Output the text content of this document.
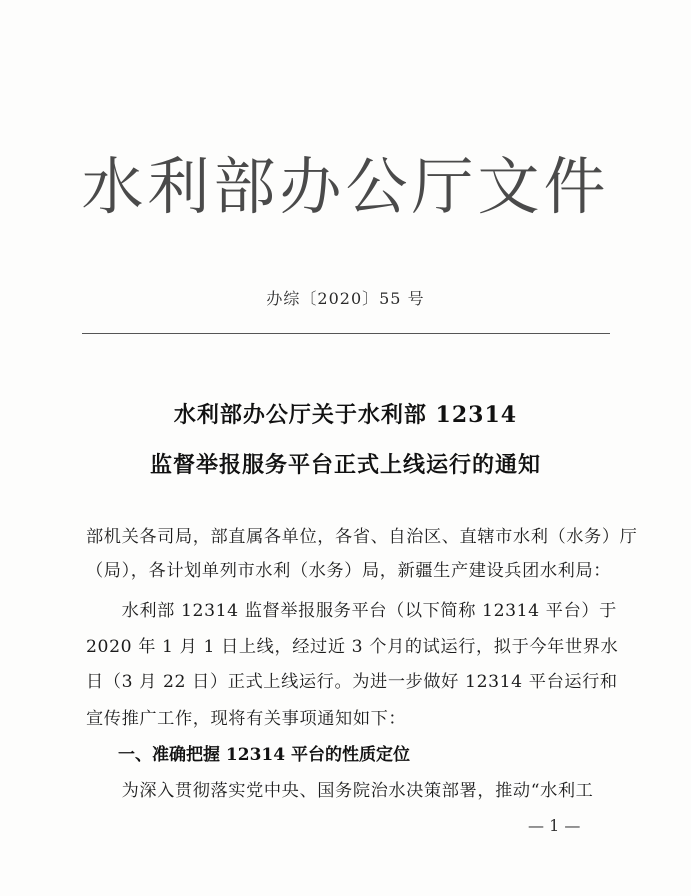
水利部办公厅文件
办综〔2020〕55 号
水利部办公厅关于水利部 12314
监督举报服务平台正式上线运行的通知
部机关各司局，部直属各单位，各省、自治区、直辖市水利（水务）厅
（局），各计划单列市水利（水务）局，新疆生产建设兵团水利局：
　　水利部 12314 监督举报服务平台（以下简称 12314 平台）于
2020 年 1 月 1 日上线，经过近 3 个月的试运行，拟于今年世界水
日（3 月 22 日）正式上线运行。为进一步做好 12314 平台运行和
宣传推广工作，现将有关事项通知如下：
一、准确把握 12314 平台的性质定位
　　为深入贯彻落实党中央、国务院治水决策部署，推动“水利工
— 1 —
